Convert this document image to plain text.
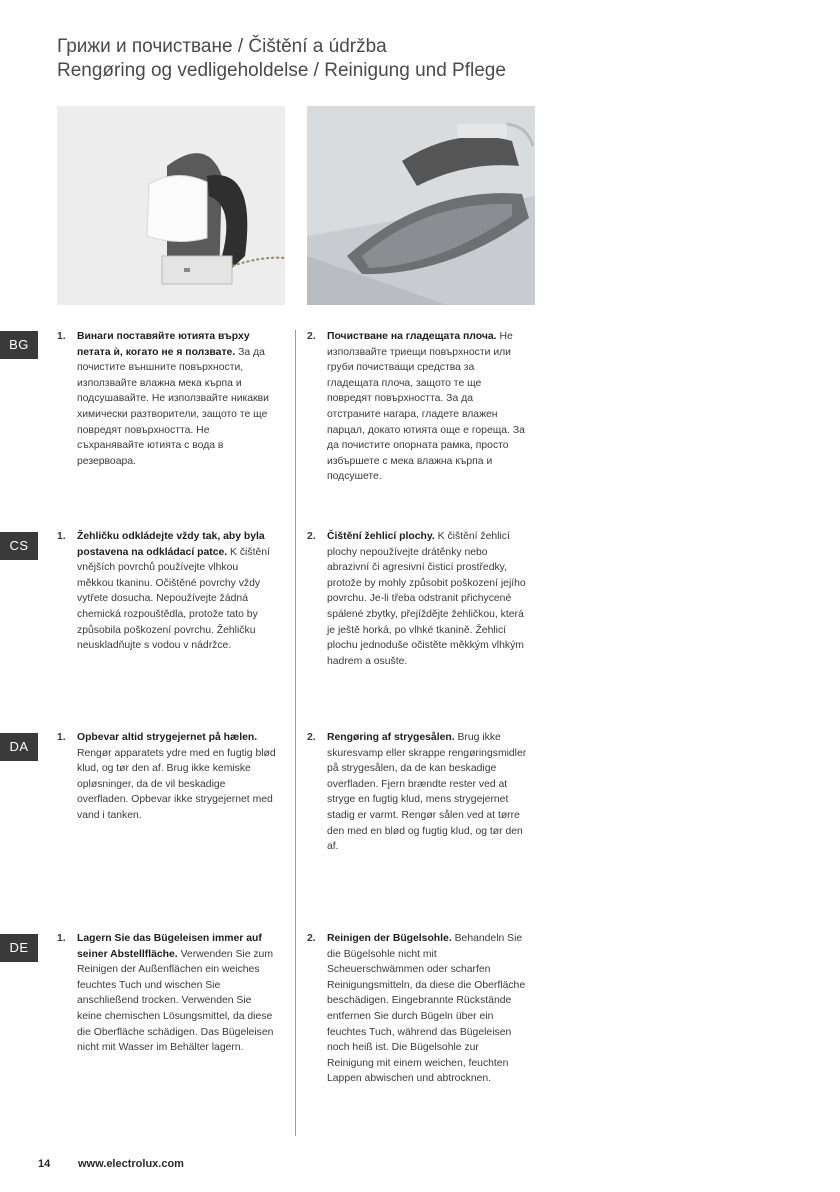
Грижи и почистване / Čištění a údržba
Rengøring og vedligeholdelse / Reinigung und Pflege
BG
1. Винаги поставяйте ютията върху петата ѝ, когато не я ползвате. За да почистите външните повърхности, използвайте влажна мека кърпа и подсушавайте. Не използвайте никакви химически разтворители, защото те ще повредят повърхността. Не съхранявайте ютията с вода в резервоара.
2. Почистване на гладещата плоча. Не използвайте триещи повърхности или груби почистващи средства за гладещата плоча, защото те ще повредят повърхността. За да отстраните нагара, гладете влажен парцал, докато ютията още е гореща. За да почистите опорната рамка, просто избършете с мека влажна кърпа и подсушете.
CS
1. Žehličku odkládejte vždy tak, aby byla postavena na odkládací patce. K čištění vnějších povrchů používejte vlhkou měkkou tkaninu. Očištěné povrchy vždy vytřete dosucha. Nepoužívejte žádná chemická rozpouštědla, protože tato by způsobila poškození povrchu. Žehličku neuskladňujte s vodou v nádržce.
2. Čištění žehlicí plochy. K čištění žehlicí plochy nepoužívejte drátěnky nebo abrazivní či agresivní čisticí prostředky, protože by mohly způsobit poškození jejího povrchu. Je-li třeba odstranit přichycené spálené zbytky, přejíždějte žehličkou, která je ještě horká, po vlhké tkanině. Žehlicí plochu jednoduše očistěte měkkým vlhkým hadrem a osušte.
DA
1. Opbevar altid strygejernet på hælen. Rengør apparatets ydre med en fugtig blød klud, og tør den af. Brug ikke kemiske opløsninger, da de vil beskadige overfladen. Opbevar ikke strygejernet med vand i tanken.
2. Rengøring af strygesålen. Brug ikke skuresvamp eller skrappe rengøringsmidler på strygesålen, da de kan beskadige overfladen. Fjern brændte rester ved at stryge en fugtig klud, mens strygejernet stadig er varmt. Rengør sålen ved at tørre den med en blød og fugtig klud, og tør den af.
DE
1. Lagern Sie das Bügeleisen immer auf seiner Abstellfläche. Verwenden Sie zum Reinigen der Außenflächen ein weiches feuchtes Tuch und wischen Sie anschließend trocken. Verwenden Sie keine chemischen Lösungsmittel, da diese die Oberfläche schädigen. Das Bügeleisen nicht mit Wasser im Behälter lagern.
2. Reinigen der Bügelsohle. Behandeln Sie die Bügelsohle nicht mit Scheuerschwämmen oder scharfen Reinigungsmitteln, da diese die Oberfläche beschädigen. Eingebrannte Rückstände entfernen Sie durch Bügeln über ein feuchtes Tuch, während das Bügeleisen noch heiß ist. Die Bügelsohle zur Reinigung mit einem weichen, feuchten Lappen abwischen und abtrocknen.
14	www.electrolux.com
